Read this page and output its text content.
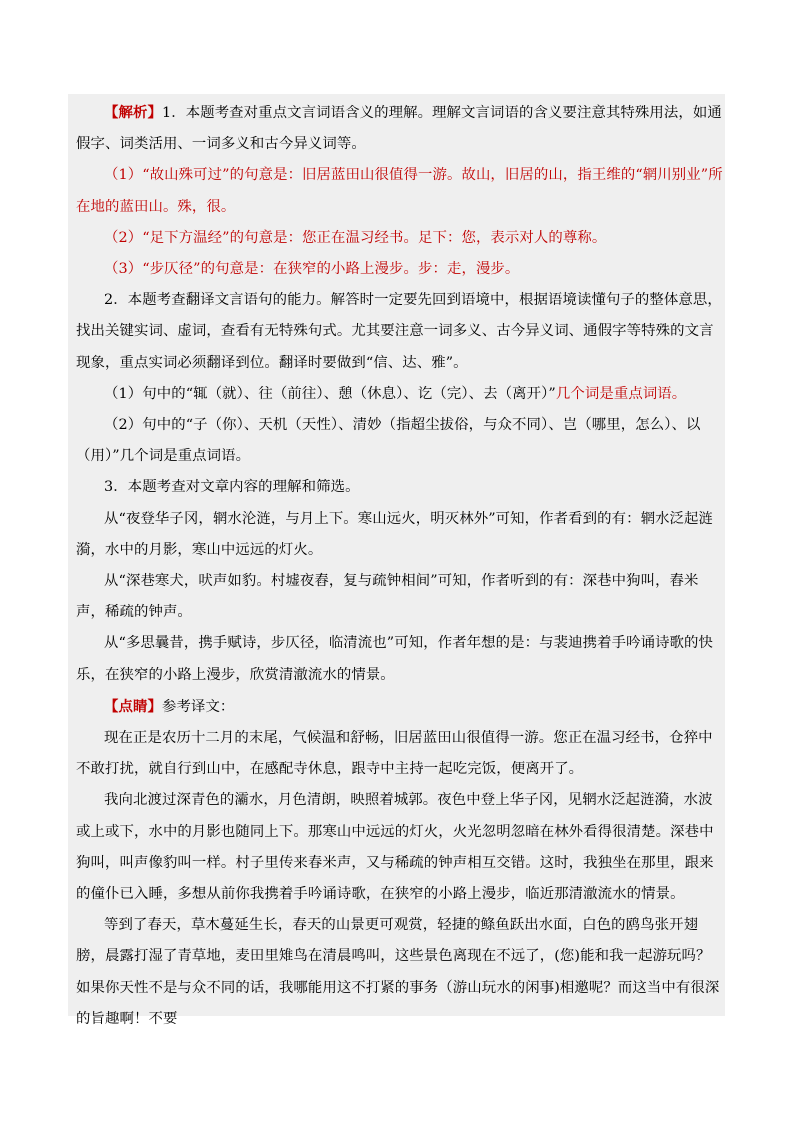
【解析】1．本题考查对重点文言词语含义的理解。理解文言词语的含义要注意其特殊用法，如通假字、词类活用、一词多义和古今异义词等。

（1）“故山殊可过”的句意是：旧居蓝田山很值得一游。故山，旧居的山，指王维的“辋川别业”所在地的蓝田山。殊，很。

（2）“足下方温经”的句意是：您正在温习经书。足下：您，表示对人的尊称。

（3）“步仄径”的句意是：在狭窄的小路上漫步。步：走，漫步。

2．本题考查翻译文言语句的能力。解答时一定要先回到语境中，根据语境读懂句子的整体意思，找出关键实词、虚词，查看有无特殊句式。尤其要注意一词多义、古今异义词、通假字等特殊的文言现象，重点实词必须翻译到位。翻译时要做到“信、达、雅”。

（1）句中的“辄（就）、往（前往）、憩（休息）、讫（完）、去（离开）”几个词是重点词语。

（2）句中的“子（你）、天机（天性）、清妙（指超尘拔俗，与众不同）、岂（哪里，怎么）、以（用）”几个词是重点词语。

3．本题考查对文章内容的理解和筛选。

从“夜登华子冈，辋水沦涟，与月上下。寒山远火，明灭林外”可知，作者看到的有：辋水泛起涟漪，水中的月影，寒山中远远的灯火。

从“深巷寒犬，吠声如豹。村墟夜舂，复与疏钟相间”可知，作者听到的有：深巷中狗叫，舂米声，稀疏的钟声。

从“多思曩昔，携手赋诗，步仄径，临清流也”可知，作者年想的是：与裴迪携着手吟诵诗歌的快乐，在狭窄的小路上漫步，欣赏清澈流水的情景。

【点睛】参考译文：

现在正是农历十二月的末尾，气候温和舒畅，旧居蓝田山很值得一游。您正在温习经书，仓猝中不敢打扰，就自行到山中，在感配寺休息，跟寺中主持一起吃完饭，便离开了。

我向北渡过深青色的灞水，月色清朗，映照着城郭。夜色中登上华子冈，见辋水泛起涟漪，水波或上或下，水中的月影也随同上下。那寒山中远远的灯火，火光忽明忽暗在林外看得很清楚。深巷中狗叫，叫声像豹叫一样。村子里传来春米声，又与稀疏的钟声相互交错。这时，我独坐在那里，跟来的僮仆已入睡，多想从前你我携着手吟诵诗歌，在狭窄的小路上漫步，临近那清澈流水的情景。

等到了春天，草木蔓延生长，春天的山景更可观赏，轻捷的鲦鱼跃出水面，白色的鸥鸟张开翅膀，晨露打湿了青草地，麦田里雉鸟在清晨鸣叫，这些景色离现在不远了，(您)能和我一起游玩吗？如果你天性不是与众不同的话，我哪能用这不打紧的事务（游山玩水的闲事)相邀呢？而这当中有很深的旨趣啊！不要
